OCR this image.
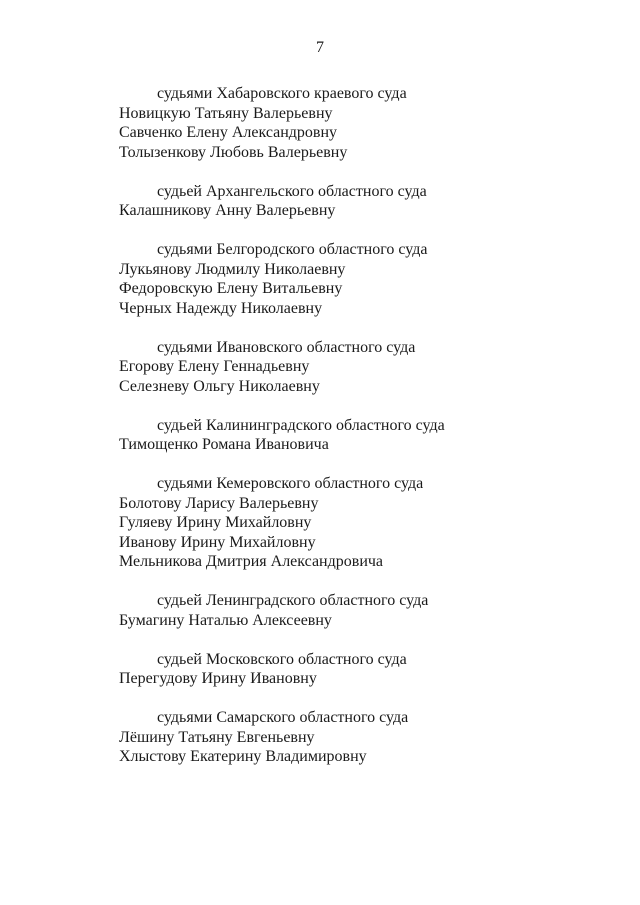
7
судьями Хабаровского краевого суда
Новицкую Татьяну Валерьевну
Савченко Елену Александровну
Толызенкову Любовь Валерьевну
судьей Архангельского областного суда
Калашникову Анну Валерьевну
судьями Белгородского областного суда
Лукьянову Людмилу Николаевну
Федоровскую Елену Витальевну
Черных Надежду Николаевну
судьями Ивановского областного суда
Егорову Елену Геннадьевну
Селезневу Ольгу Николаевну
судьей Калининградского областного суда
Тимощенко Романа Ивановича
судьями Кемеровского областного суда
Болотову Ларису Валерьевну
Гуляеву Ирину Михайловну
Иванову Ирину Михайловну
Мельникова Дмитрия Александровича
судьей Ленинградского областного суда
Бумагину Наталью Алексеевну
судьей Московского областного суда
Перегудову Ирину Ивановну
судьями Самарского областного суда
Лёшину Татьяну Евгеньевну
Хлыстову Екатерину Владимировну
